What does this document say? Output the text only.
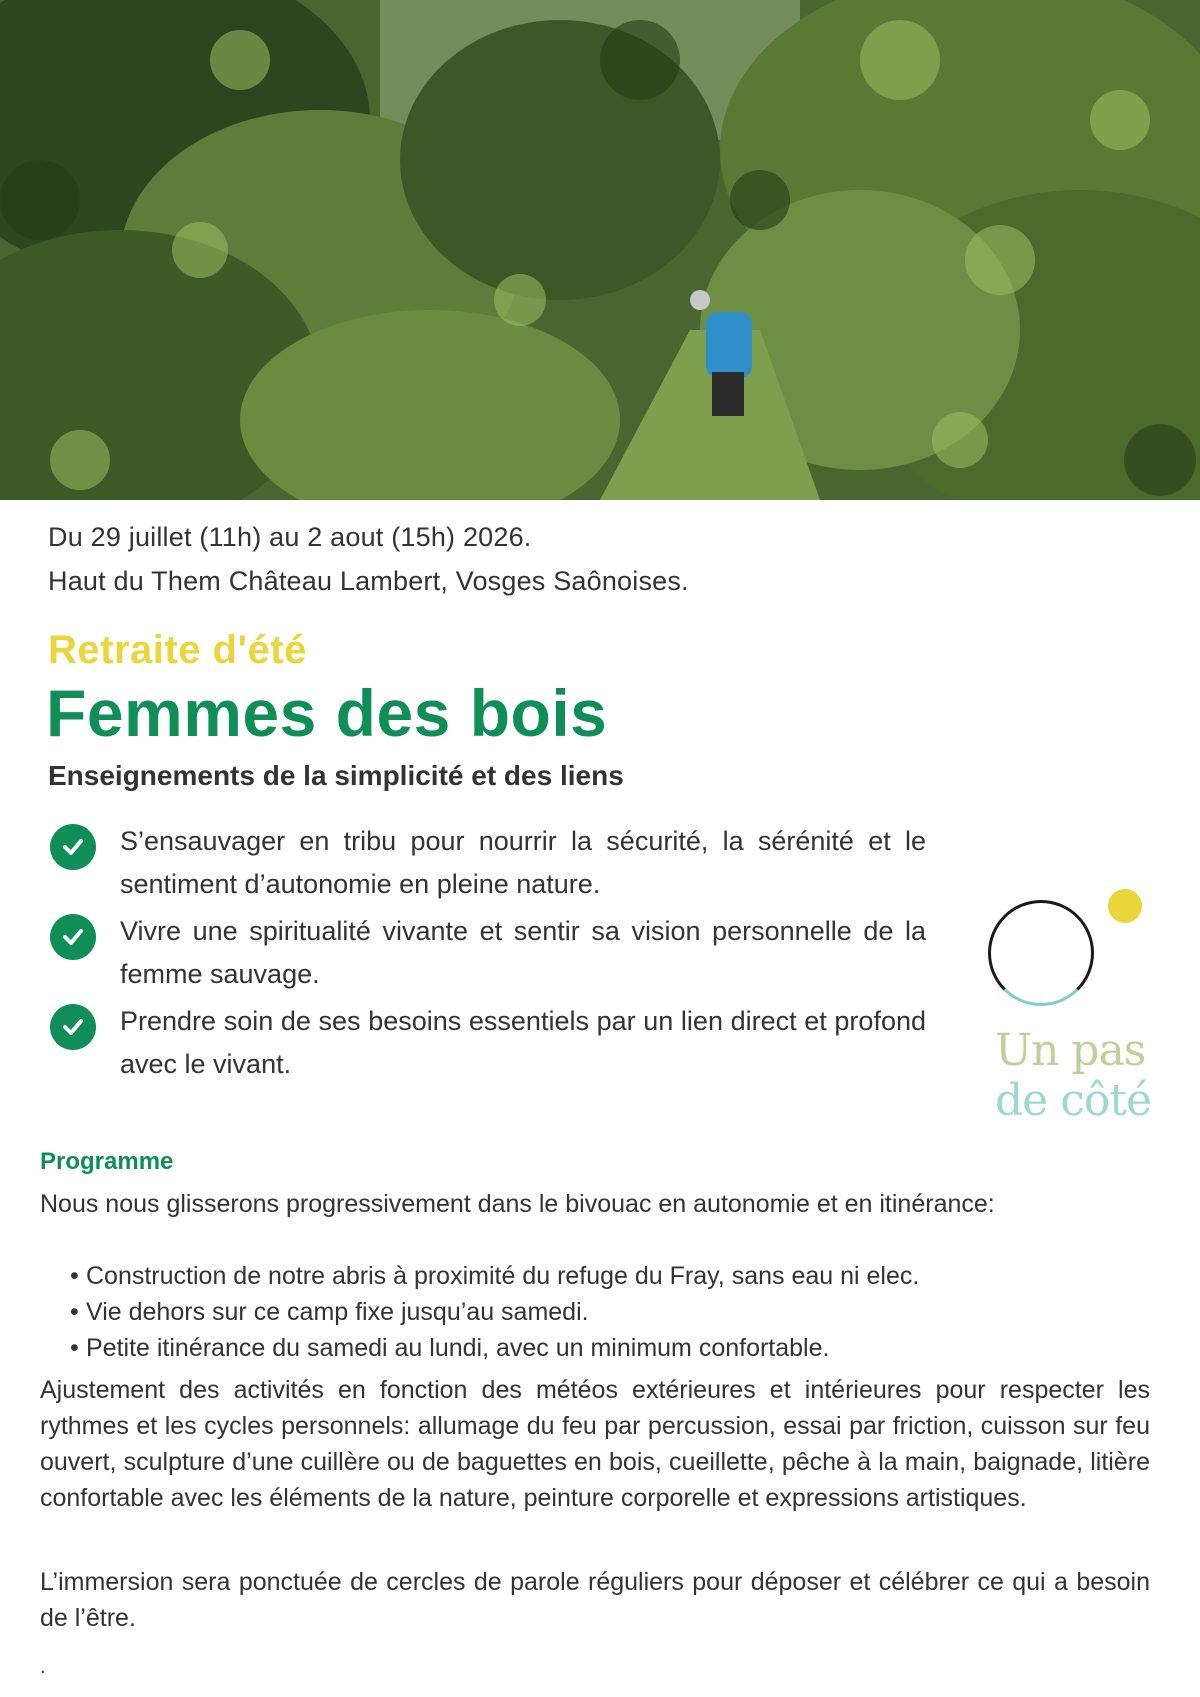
Du 29 juillet (11h) au 2 aout (15h) 2026.
Haut du Them Château Lambert, Vosges Saônoises.
Retraite d'été
Femmes des bois
Enseignements de la simplicité et des liens
S’ensauvager en tribu pour nourrir la sécurité, la sérénité et le sentiment d’autonomie en pleine nature.
Vivre une spiritualité vivante et sentir sa vision personnelle de la femme sauvage.
Prendre soin de ses besoins essentiels par un lien direct et profond avec le vivant.	Un pas
de côté
Programme
Nous nous glisserons progressivement dans le bivouac en autonomie et en itinérance:
• Construction de notre abris à proximité du refuge du Fray, sans eau ni elec.
• Vie dehors sur ce camp fixe jusqu’au samedi.
• Petite itinérance du samedi au lundi, avec un minimum confortable.
Ajustement des activités en fonction des météos extérieures et intérieures pour respecter les rythmes et les cycles personnels: allumage du feu par percussion, essai par friction, cuisson sur feu ouvert, sculpture d’une cuillère ou de baguettes en bois, cueillette, pêche à la main, baignade, litière confortable avec les éléments de la nature, peinture corporelle et expressions artistiques.
L’immersion sera ponctuée de cercles de parole réguliers pour déposer et célébrer ce qui a besoin de l’être.
.
